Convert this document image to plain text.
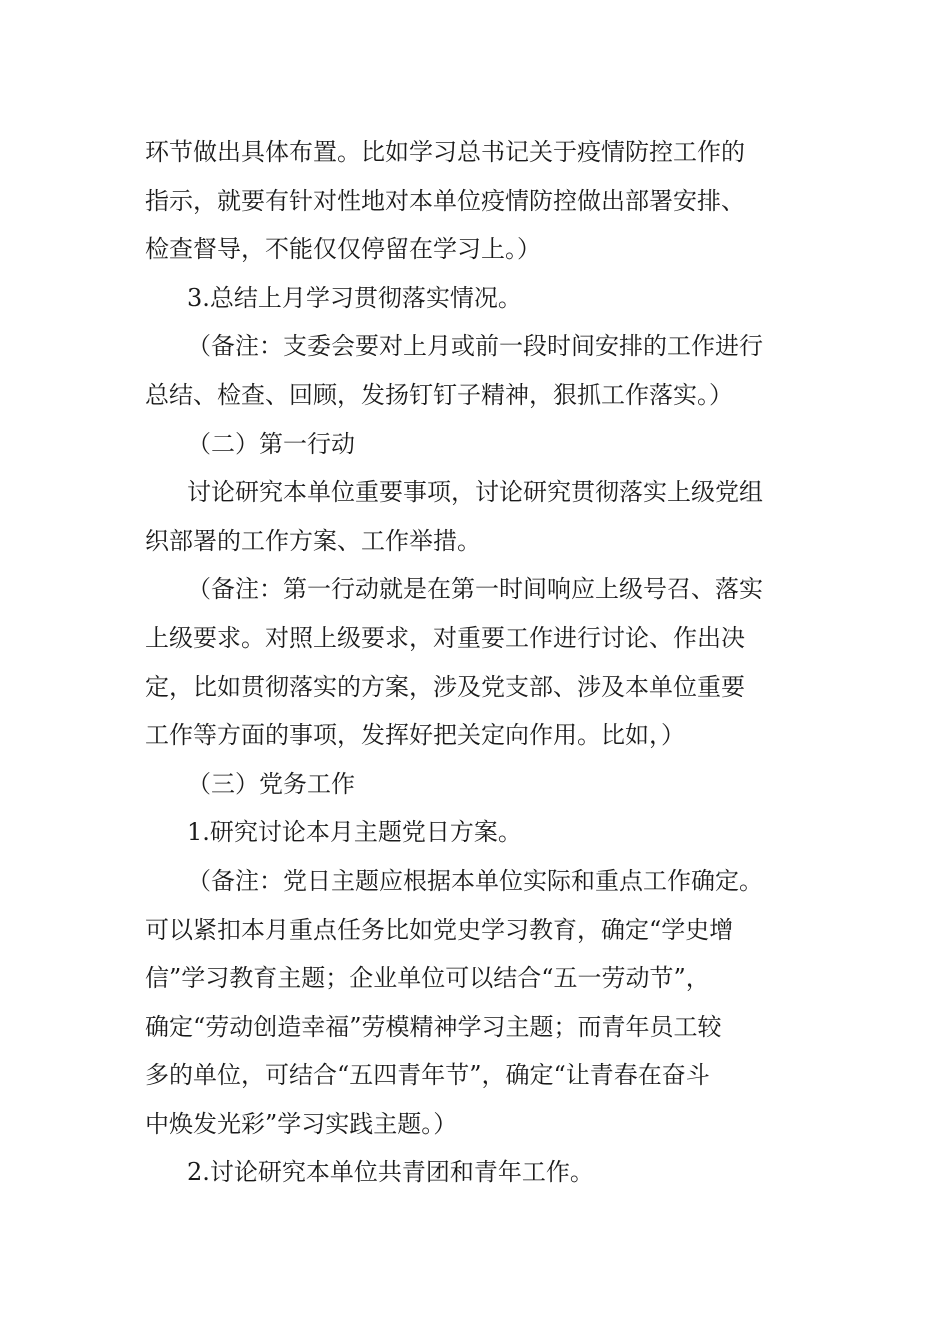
环节做出具体布置。比如学习总书记关于疫情防控工作的
指示，就要有针对性地对本单位疫情防控做出部署安排、
检查督导，不能仅仅停留在学习上。）
3.总结上月学习贯彻落实情况。
（备注：支委会要对上月或前一段时间安排的工作进行
总结、检查、回顾，发扬钉钉子精神，狠抓工作落实。）
（二）第一行动
讨论研究本单位重要事项，讨论研究贯彻落实上级党组
织部署的工作方案、工作举措。
（备注：第一行动就是在第一时间响应上级号召、落实
上级要求。对照上级要求，对重要工作进行讨论、作出决
定，比如贯彻落实的方案，涉及党支部、涉及本单位重要
工作等方面的事项，发挥好把关定向作用。比如，）
（三）党务工作
1.研究讨论本月主题党日方案。
（备注：党日主题应根据本单位实际和重点工作确定。
可以紧扣本月重点任务比如党史学习教育，确定“学史增
信”学习教育主题；企业单位可以结合“五一劳动节”，
确定“劳动创造幸福”劳模精神学习主题；而青年员工较
多的单位，可结合“五四青年节”，确定“让青春在奋斗
中焕发光彩”学习实践主题。）
2.讨论研究本单位共青团和青年工作。
